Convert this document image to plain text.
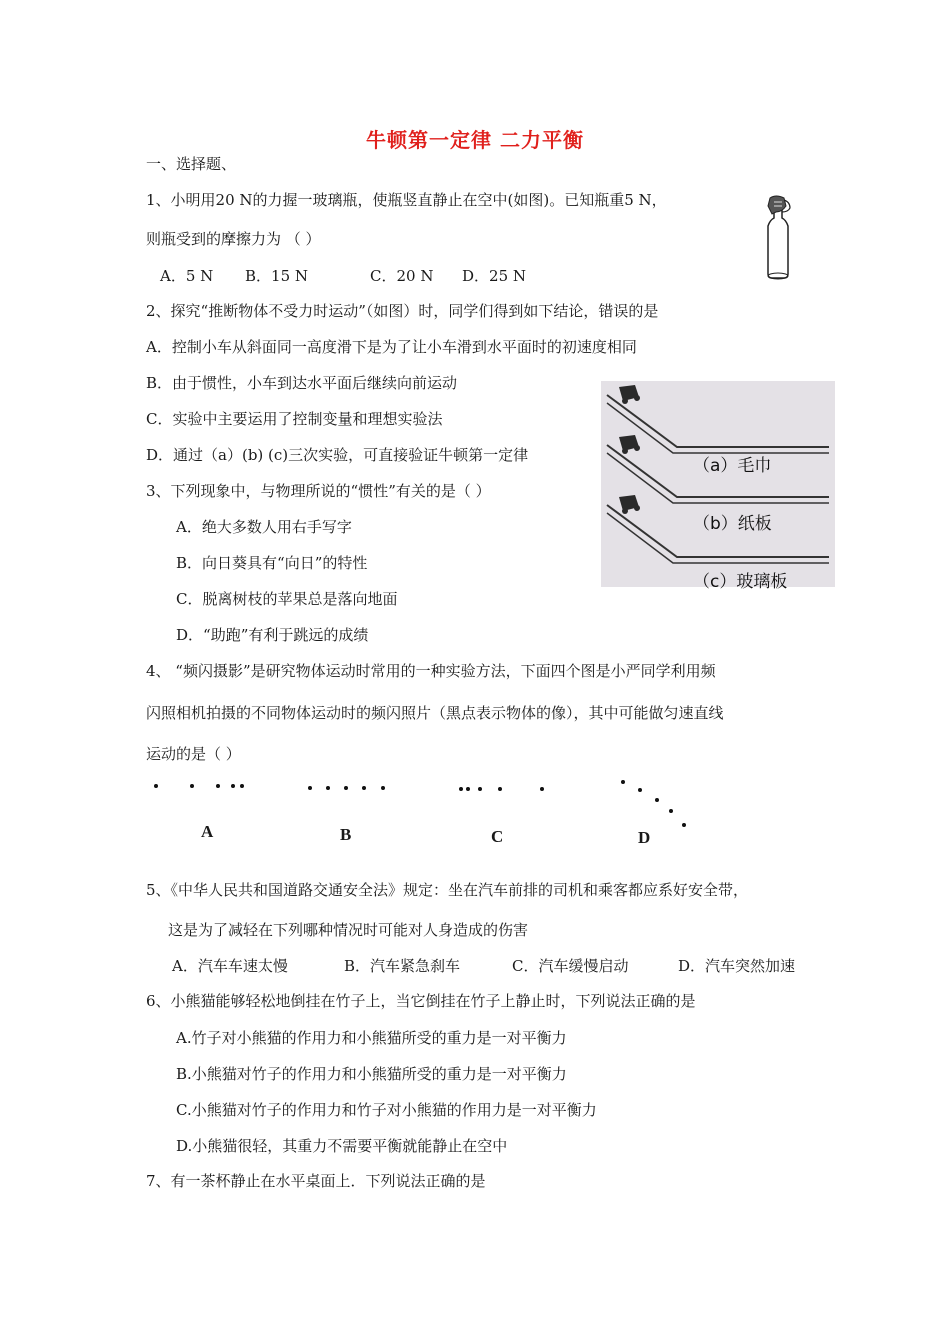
牛顿第一定律 二力平衡
一、选择题、
1、小明用20 N的力握一玻璃瓶，使瓶竖直静止在空中(如图)。已知瓶重5 N，
则瓶受到的摩擦力为 （ ）
A．5 N B．15 N	C．20 N D．25 N
2、探究“推断物体不受力时运动”（如图）时，同学们得到如下结论，错误的是
A．控制小车从斜面同一高度滑下是为了让小车滑到水平面时的初速度相同
B．由于惯性，小车到达水平面后继续向前运动
C．实验中主要运用了控制变量和理想实验法
D．通过（a）(b) (c)三次实验，可直接验证牛顿第一定律
（a）毛巾
（b）纸板
（c）玻璃板
3、下列现象中，与物理所说的“惯性”有关的是（ ）
A．绝大多数人用右手写字
B．向日葵具有“向日”的特性
C．脱离树枝的苹果总是落向地面
D．“助跑”有利于跳远的成绩
4、 “频闪摄影”是研究物体运动时常用的一种实验方法，下面四个图是小严同学利用频
闪照相机拍摄的不同物体运动时的频闪照片（黑点表示物体的像），其中可能做匀速直线
运动的是（ ）
A	B	C	D
5、《中华人民共和国道路交通安全法》规定：坐在汽车前排的司机和乘客都应系好安全带，
这是为了减轻在下列哪种情况时可能对人身造成的伤害
A．汽车车速太慢	B．汽车紧急刹车	C．汽车缓慢启动	D．汽车突然加速
6、小熊猫能够轻松地倒挂在竹子上，当它倒挂在竹子上静止时，下列说法正确的是
A.竹子对小熊猫的作用力和小熊猫所受的重力是一对平衡力
B.小熊猫对竹子的作用力和小熊猫所受的重力是一对平衡力
C.小熊猫对竹子的作用力和竹子对小熊猫的作用力是一对平衡力
D.小熊猫很轻，其重力不需要平衡就能静止在空中
7、有一茶杯静止在水平桌面上．下列说法正确的是
